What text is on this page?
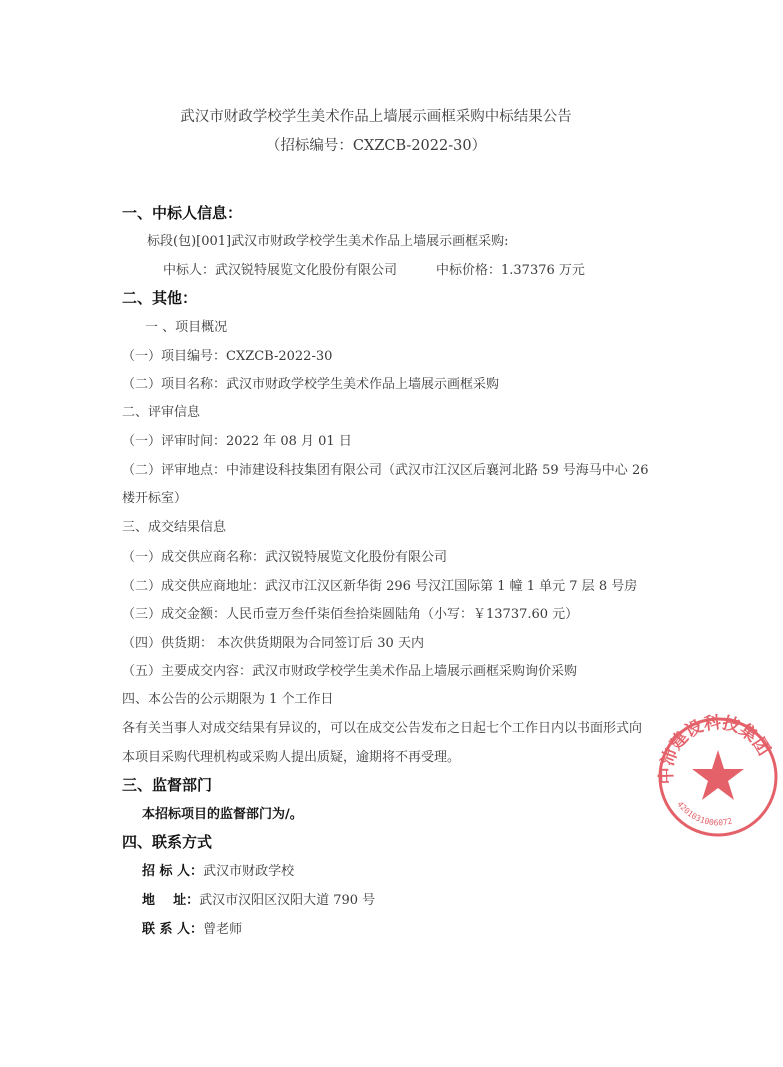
武汉市财政学校学生美术作品上墙展示画框采购中标结果公告
（招标编号：CXZCB-2022-30）
一、中标人信息：
标段(包)[001]武汉市财政学校学生美术作品上墙展示画框采购:
中标人：武汉锐特展览文化股份有限公司	中标价格：1.37376 万元
二、其他：
一 、项目概况
（一）项目编号：CXZCB-2022-30
（二）项目名称：武汉市财政学校学生美术作品上墙展示画框采购
二、评审信息
（一）评审时间：2022 年 08 月 01 日
（二）评审地点：中沛建设科技集团有限公司（武汉市江汉区后襄河北路 59 号海马中心 26
楼开标室）
三、成交结果信息
（一）成交供应商名称：武汉锐特展览文化股份有限公司
（二）成交供应商地址：武汉市江汉区新华街 296 号汉江国际第 1 幢 1 单元 7 层 8 号房
（三）成交金额：人民币壹万叁仟柒佰叁拾柒圆陆角（小写：￥13737.60 元）
（四）供货期： 本次供货期限为合同签订后 30 天内
（五）主要成交内容：武汉市财政学校学生美术作品上墙展示画框采购询价采购
四、本公告的公示期限为 1 个工作日
各有关当事人对成交结果有异议的，可以在成交公告发布之日起七个工作日内以书面形式向
本项目采购代理机构或采购人提出质疑，逾期将不再受理。
三、监督部门
本招标项目的监督部门为/。
四、联系方式
招 标 人：武汉市财政学校
地    址：武汉市汉阳区汉阳大道 790 号
联 系 人：曾老师
中沛建设科技集团
4201031006072
